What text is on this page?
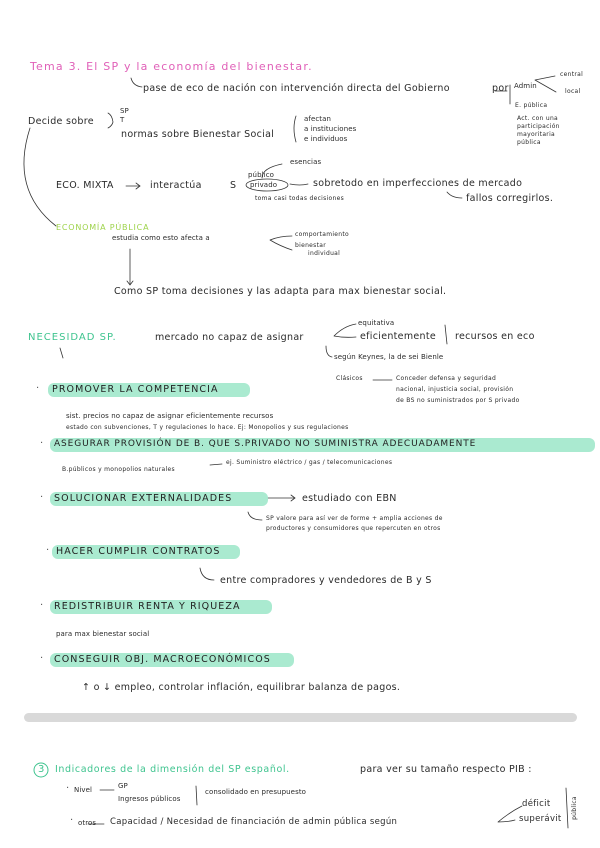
Tema 3. El SP y la economía del bienestar.
pase de eco de nación con intervención directa del Gobierno	por Admin
central
local
E. pública
Act. con una
participación
mayoritaria
pública
Decide sobre
SP
T
normas sobre Bienestar Social
afectan
a instituciones
e individuos
ECO. MIXTA	interactúa	S
público
privado
esencias
sobretodo en imperfecciones de mercado
toma casi todas decisiones	fallos corregirlos.
ECONOMÍA PÚBLICA
estudia como esto afecta a	comportamiento
bienestar
individual
Como SP toma decisiones y las adapta para max bienestar social.
NECESIDAD SP.	mercado no capaz de asignar
equitativa
eficientemente recursos en eco
según Keynes, la de sei Bienle
Clásicos	Conceder defensa y seguridad
nacional, injusticia social, provisión
de BS no suministrados por S privado
· PROMOVER LA COMPETENCIA
sist. precios no capaz de asignar eficientemente recursos
estado con subvenciones, T y regulaciones lo hace. Ej: Monopolios y sus regulaciones
· ASEGURAR PROVISIÓN DE B. QUE S.PRIVADO NO SUMINISTRA ADECUADAMENTE
B.públicos y monopolios naturales
ej. Suministro eléctrico / gas / telecomunicaciones
· SOLUCIONAR EXTERNALIDADES	estudiado con EBN
SP valore para así ver de forme + amplia acciones de
productores y consumidores que repercuten en otros
· HACER CUMPLIR CONTRATOS
entre compradores y vendedores de B y S
· REDISTRIBUIR RENTA Y RIQUEZA
para max bienestar social
· CONSEGUIR OBJ. MACROECONÓMICOS
↑ o ↓ empleo, controlar inflación, equilibrar balanza de pagos.
3 Indicadores de la dimensión del SP español.	para ver su tamaño respecto PIB :
· Nivel	GP
Ingresos públicos
consolidado en presupuesto
· otros Capacidad / Necesidad de financiación de admin pública según
déficit
superávit pública
